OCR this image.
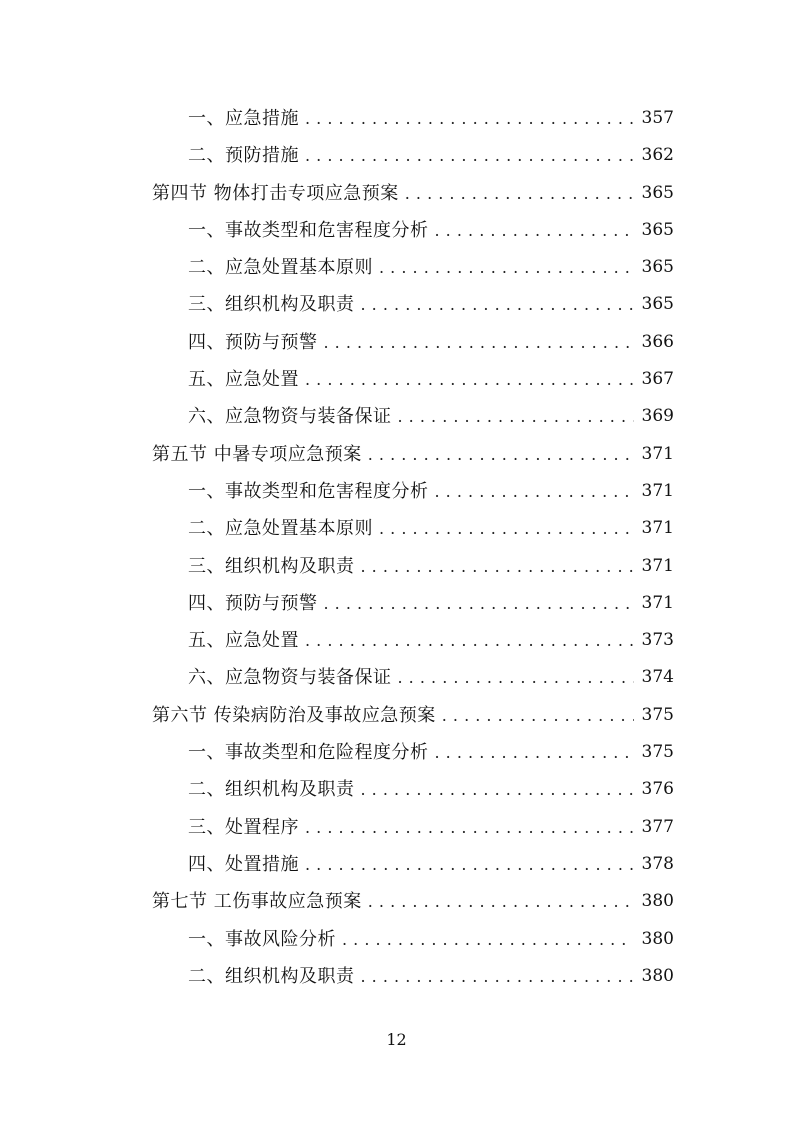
一、应急措施 . . .	357
二、预防措施 . . .	362
第四节 物体打击专项应急预案 . . .	365
一、事故类型和危害程度分析 . . .	365
二、应急处置基本原则 . . .	365
三、组织机构及职责 . . .	365
四、预防与预警 . . .	366
五、应急处置 . . .	367
六、应急物资与装备保证 . . .	369
第五节 中暑专项应急预案 . . .	371
一、事故类型和危害程度分析 . . .	371
二、应急处置基本原则 . . .	371
三、组织机构及职责 . . .	371
四、预防与预警 . . .	371
五、应急处置 . . .	373
六、应急物资与装备保证 . . .	374
第六节 传染病防治及事故应急预案 . . .	375
一、事故类型和危险程度分析 . . .	375
二、组织机构及职责 . . .	376
三、处置程序 . . .	377
四、处置措施 . . .	378
第七节 工伤事故应急预案 . . .	380
一、事故风险分析 . . .	380
二、组织机构及职责 . . .	380
12
